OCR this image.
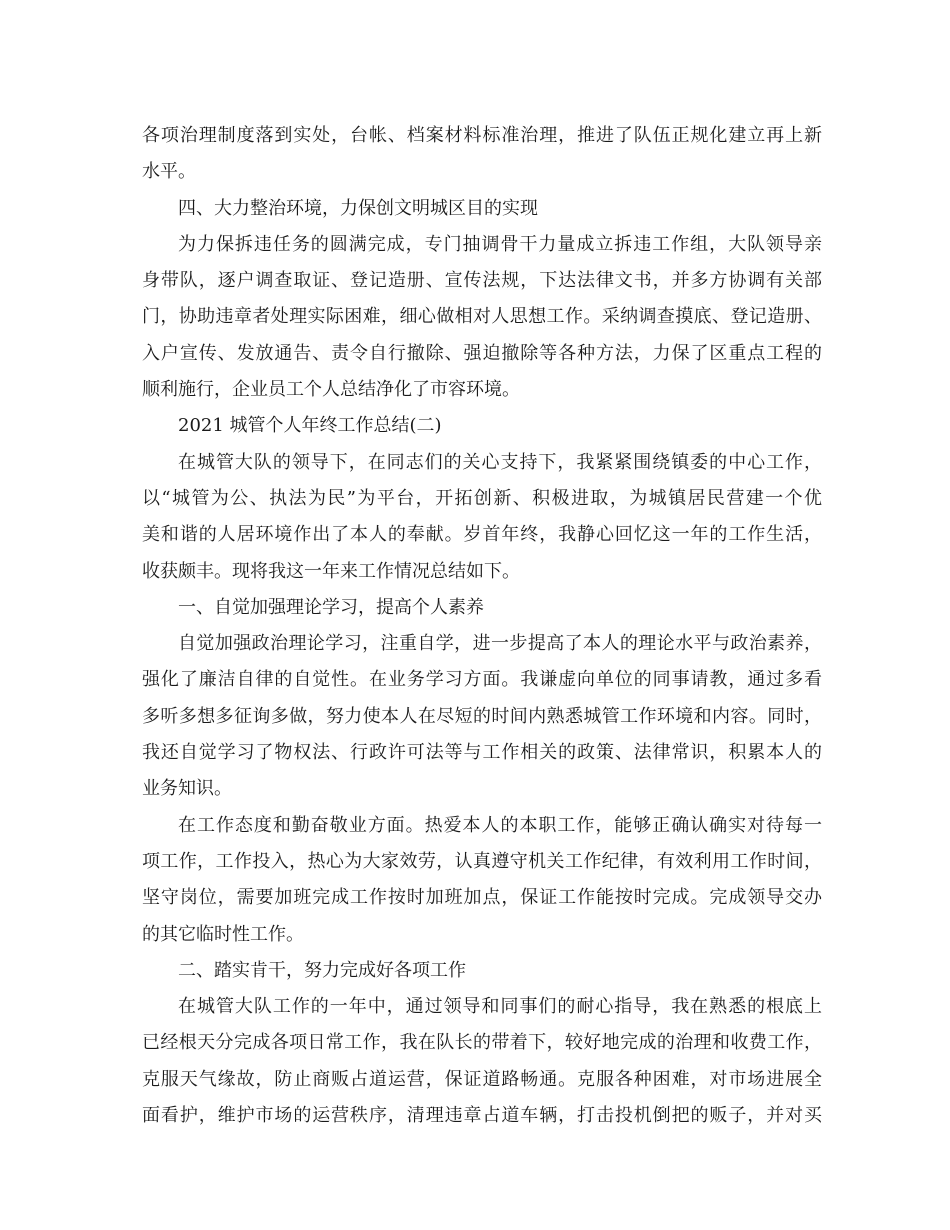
各项治理制度落到实处，台帐、档案材料标准治理，推进了队伍正规化建立再上新
水平。
四、大力整治环境，力保创文明城区目的实现
为力保拆违任务的圆满完成，专门抽调骨干力量成立拆违工作组，大队领导亲
身带队，逐户调查取证、登记造册、宣传法规，下达法律文书，并多方协调有关部
门，协助违章者处理实际困难，细心做相对人思想工作。采纳调查摸底、登记造册、
入户宣传、发放通告、责令自行撤除、强迫撤除等各种方法，力保了区重点工程的
顺利施行，企业员工个人总结净化了市容环境。
2021 城管个人年终工作总结(二)
在城管大队的领导下，在同志们的关心支持下，我紧紧围绕镇委的中心工作，
以“城管为公、执法为民”为平台，开拓创新、积极进取，为城镇居民营建一个优
美和谐的人居环境作出了本人的奉献。岁首年终，我静心回忆这一年的工作生活，
收获颇丰。现将我这一年来工作情况总结如下。
一、自觉加强理论学习，提高个人素养
自觉加强政治理论学习，注重自学，进一步提高了本人的理论水平与政治素养，
强化了廉洁自律的自觉性。在业务学习方面。我谦虚向单位的同事请教，通过多看
多听多想多征询多做，努力使本人在尽短的时间内熟悉城管工作环境和内容。同时，
我还自觉学习了物权法、行政许可法等与工作相关的政策、法律常识，积累本人的
业务知识。
在工作态度和勤奋敬业方面。热爱本人的本职工作，能够正确认确实对待每一
项工作，工作投入，热心为大家效劳，认真遵守机关工作纪律，有效利用工作时间，
坚守岗位，需要加班完成工作按时加班加点，保证工作能按时完成。完成领导交办
的其它临时性工作。
二、踏实肯干，努力完成好各项工作
在城管大队工作的一年中，通过领导和同事们的耐心指导，我在熟悉的根底上
已经根天分完成各项日常工作，我在队长的带着下，较好地完成的治理和收费工作，
克服天气缘故，防止商贩占道运营，保证道路畅通。克服各种困难，对市场进展全
面看护，维护市场的运营秩序，清理违章占道车辆，打击投机倒把的贩子，并对买
